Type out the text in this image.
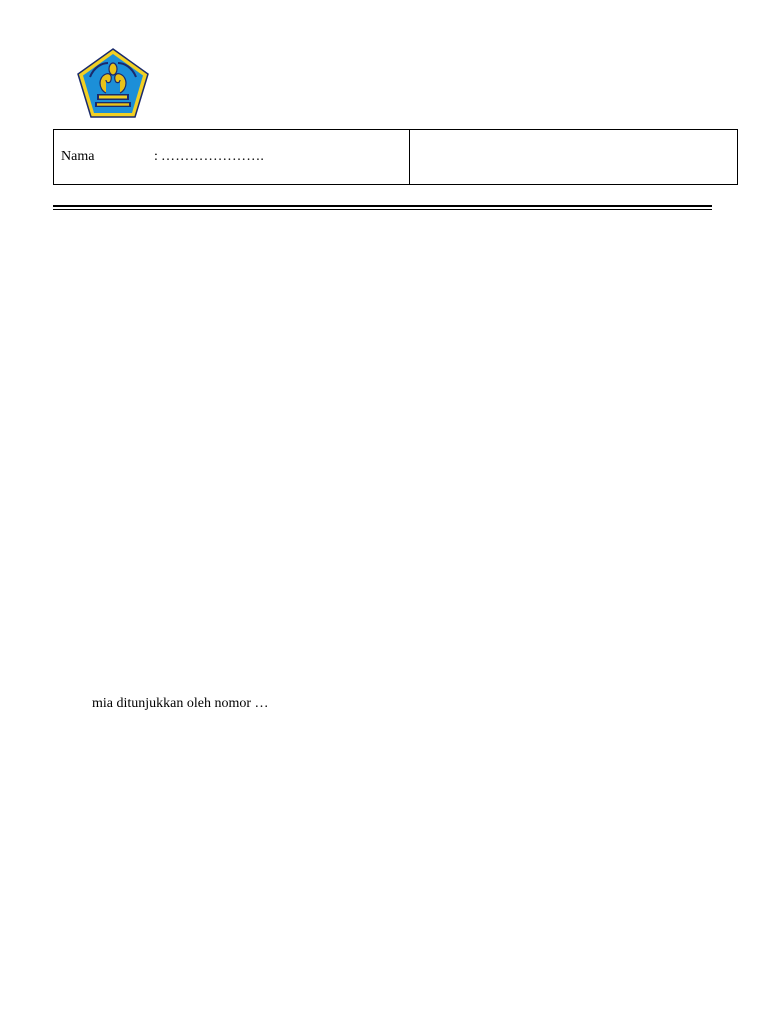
Nama	: ………………….
mia ditunjukkan oleh nomor …
